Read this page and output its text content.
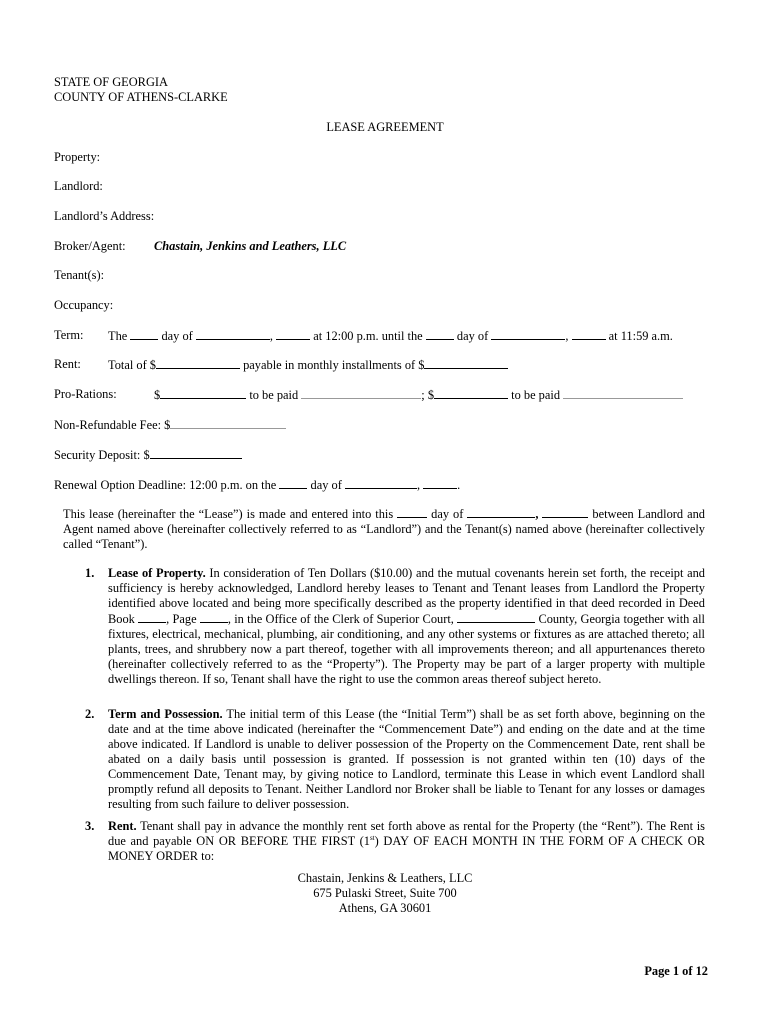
STATE OF GEORGIA
COUNTY OF ATHENS-CLARKE
LEASE AGREEMENT
Property:
Landlord:
Landlord’s Address:
Broker/Agent: Chastain, Jenkins and Leathers, LLC
Tenant(s):
Occupancy:
Term: The	day of	,	at 12:00 p.m. until the	day of	,	at 11:59 a.m.
Rent: Total of $	payable in monthly installments of $
Pro-Rations:	$	to be paid	; $	to be paid
Non-Refundable Fee: $
Security Deposit: $
Renewal Option Deadline: 12:00 p.m. on the	day of	,	.
This lease (hereinafter the “Lease”) is made and entered into this	day of	,	between Landlord and Agent named above (hereinafter collectively referred to as “Landlord”) and the Tenant(s) named above (hereinafter collectively called “Tenant”).
1. Lease of Property. In consideration of Ten Dollars ($10.00) and the mutual covenants herein set forth, the receipt and sufficiency is hereby acknowledged, Landlord hereby leases to Tenant and Tenant leases from Landlord the Property identified above located and being more specifically described as the property identified in that deed recorded in Deed Book	, Page	, in the Office of the Clerk of Superior Court,	County, Georgia together with all fixtures, electrical, mechanical, plumbing, air conditioning, and any other systems or fixtures as are attached thereto; all plants, trees, and shrubbery now a part thereof, together with all improvements thereon; and all appurtenances thereto (hereinafter collectively referred to as the “Property”). The Property may be part of a larger property with multiple dwellings thereon. If so, Tenant shall have the right to use the common areas thereof subject hereto.
2. Term and Possession. The initial term of this Lease (the “Initial Term”) shall be as set forth above, beginning on the date and at the time above indicated (hereinafter the “Commencement Date”) and ending on the date and at the time above indicated. If Landlord is unable to deliver possession of the Property on the Commencement Date, rent shall be abated on a daily basis until possession is granted. If possession is not granted within ten (10) days of the Commencement Date, Tenant may, by giving notice to Landlord, terminate this Lease in which event Landlord shall promptly refund all deposits to Tenant. Neither Landlord nor Broker shall be liable to Tenant for any losses or damages resulting from such failure to deliver possession.
3. Rent. Tenant shall pay in advance the monthly rent set forth above as rental for the Property (the “Rent”). The Rent is due and payable ON OR BEFORE THE FIRST (1st) DAY OF EACH MONTH IN THE FORM OF A CHECK OR MONEY ORDER to:
Chastain, Jenkins & Leathers, LLC
675 Pulaski Street, Suite 700
Athens, GA 30601
Page 1 of 12
